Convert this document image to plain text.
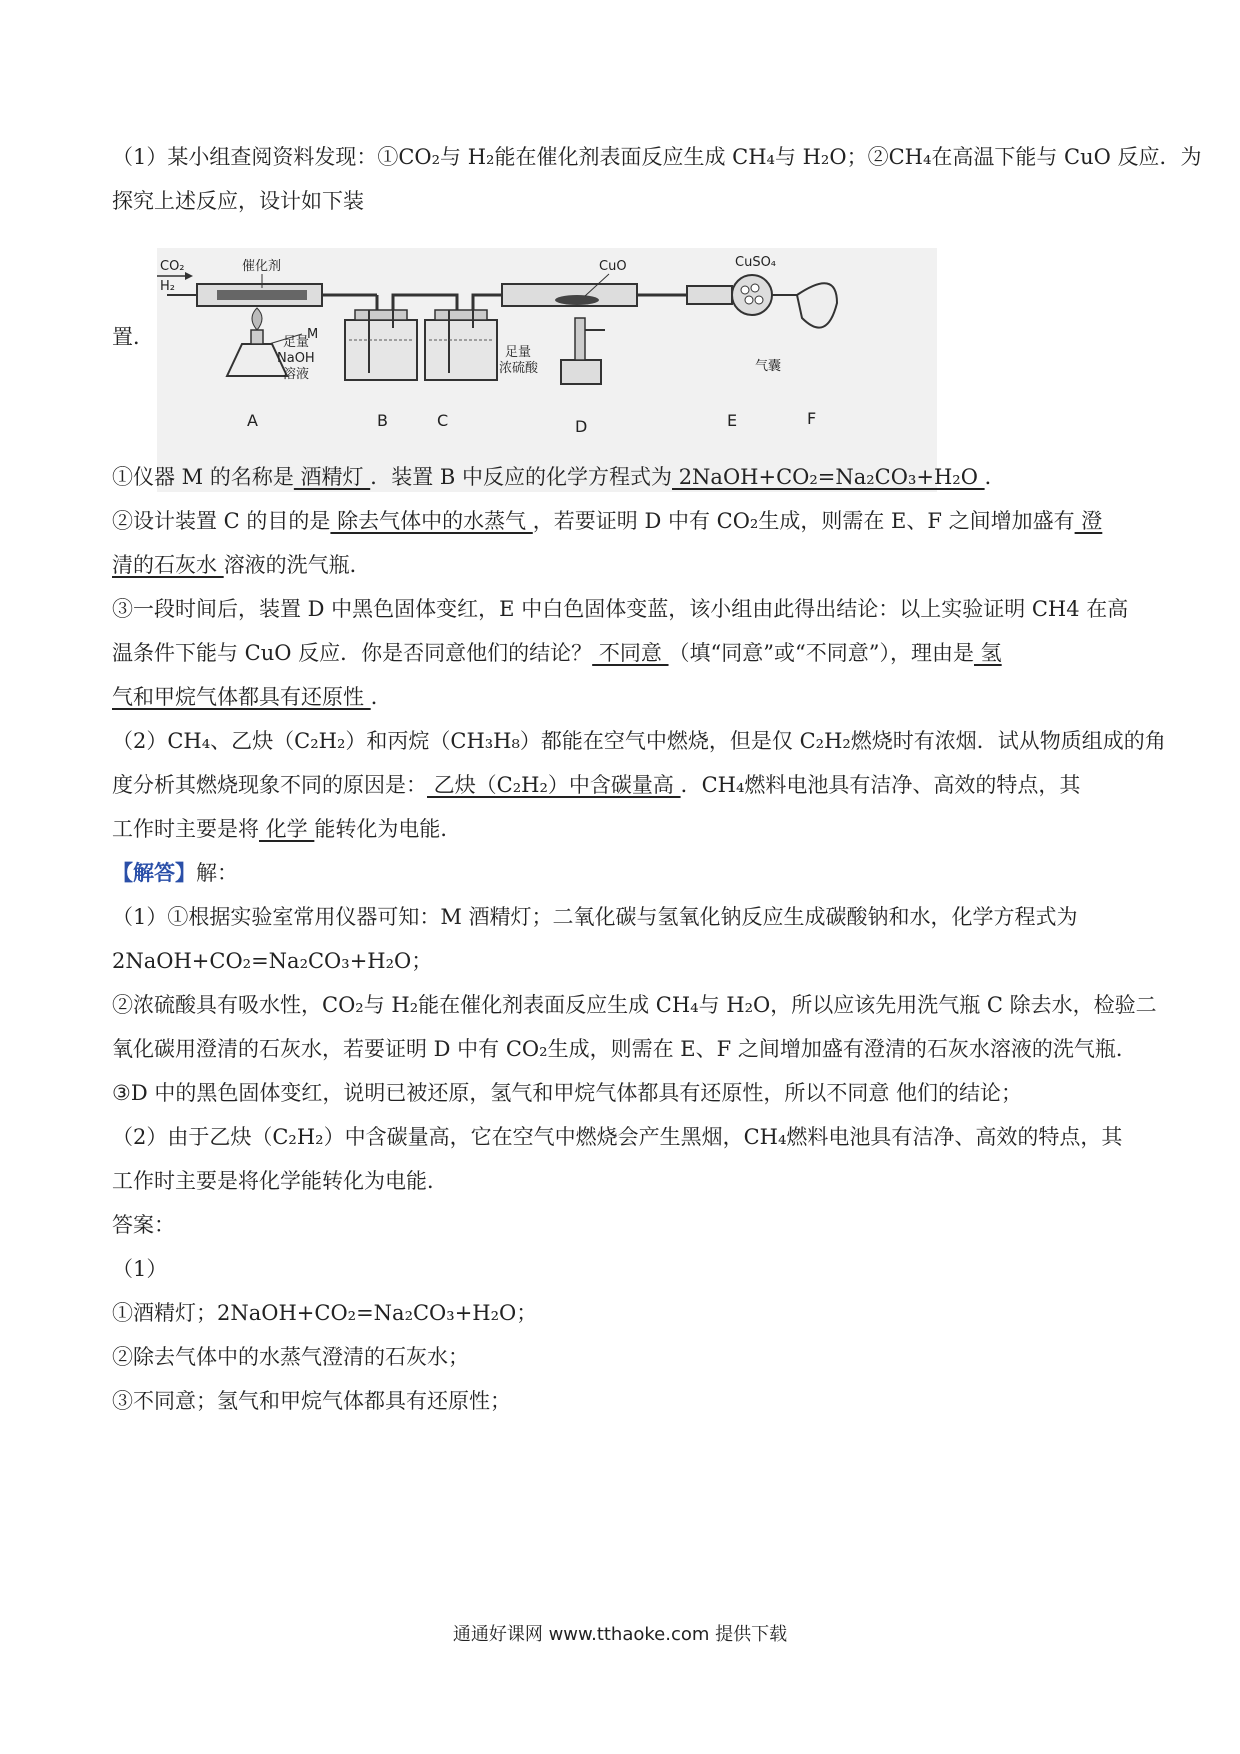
（1）某小组查阅资料发现：①CO₂与 H₂能在催化剂表面反应生成 CH₄与 H₂O；②CH₄在高温下能与 CuO 反应．为
探究上述反应，设计如下装
置．
CO₂
H₂
催化剂
M
A
足量
NaOH
溶液
B
足量
浓硫酸
C
CuO
D
CuSO₄
E
气囊
F
①仪器 M 的名称是 酒精灯 ．装置 B 中反应的化学方程式为 2NaOH+CO₂=Na₂CO₃+H₂O ．
②设计装置 C 的目的是 除去气体中的水蒸气 ，若要证明 D 中有 CO₂生成，则需在 E、F 之间增加盛有 澄
清的石灰水 溶液的洗气瓶．
③一段时间后，装置 D 中黑色固体变红，E 中白色固体变蓝，该小组由此得出结论：以上实验证明 CH4 在高
温条件下能与 CuO 反应．你是否同意他们的结论？ 不同意 （填“同意”或“不同意”），理由是 氢
气和甲烷气体都具有还原性 ．
（2）CH₄、乙炔（C₂H₂）和丙烷（CH₃H₈）都能在空气中燃烧，但是仅 C₂H₂燃烧时有浓烟．试从物质组成的角
度分析其燃烧现象不同的原因是： 乙炔（C₂H₂）中含碳量高 ．CH₄燃料电池具有洁净、高效的特点，其
工作时主要是将 化学 能转化为电能．
【解答】解：
（1）①根据实验室常用仪器可知：M 酒精灯；二氧化碳与氢氧化钠反应生成碳酸钠和水，化学方程式为
2NaOH+CO₂=Na₂CO₃+H₂O；
②浓硫酸具有吸水性，CO₂与 H₂能在催化剂表面反应生成 CH₄与 H₂O，所以应该先用洗气瓶 C 除去水，检验二
氧化碳用澄清的石灰水，若要证明 D 中有 CO₂生成，则需在 E、F 之间增加盛有澄清的石灰水溶液的洗气瓶．
③D 中的黑色固体变红，说明已被还原，氢气和甲烷气体都具有还原性，所以不同意 他们的结论；
（2）由于乙炔（C₂H₂）中含碳量高，它在空气中燃烧会产生黑烟，CH₄燃料电池具有洁净、高效的特点，其
工作时主要是将化学能转化为电能．
答案：
（1）
①酒精灯；2NaOH+CO₂=Na₂CO₃+H₂O；
②除去气体中的水蒸气澄清的石灰水；
③不同意；氢气和甲烷气体都具有还原性；
通通好课网 www.tthaoke.com 提供下载
